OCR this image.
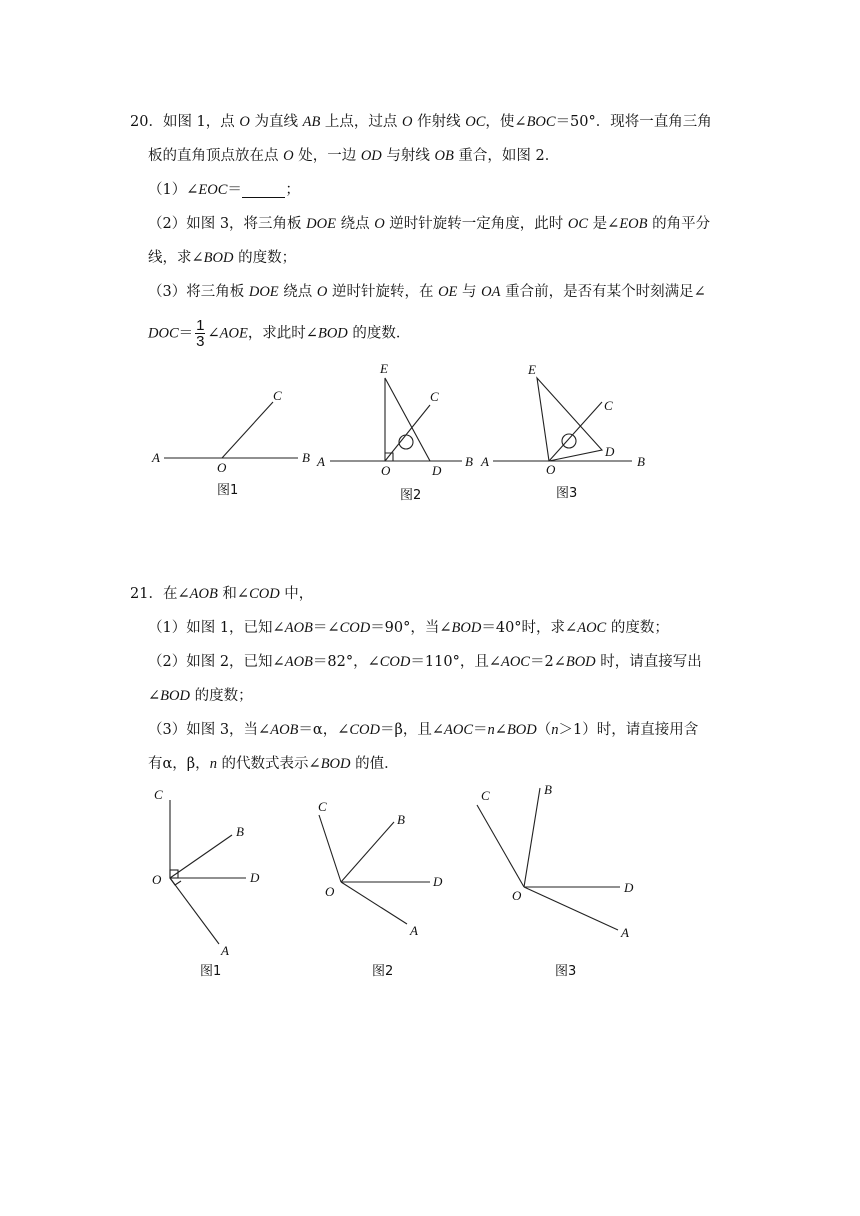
20．如图 1，点 O 为直线 AB 上点，过点 O 作射线 OC，使∠BOC＝50°．现将一直角三角
板的直角顶点放在点 O 处，一边 OD 与射线 OB 重合，如图 2．
（1）∠EOC＝	；
（2）如图 3，将三角板 DOE 绕点 O 逆时针旋转一定角度，此时 OC 是∠EOB 的角平分
线，求∠BOD 的度数；
（3）将三角板 DOE 绕点 O 逆时针旋转，在 OE 与 OA 重合前，是否有某个时刻满足∠
$DOC= \frac{1}{3}$ ∠AOE，求此时∠BOD 的度数．
A
O
B
C
图1
A
O	D
B
C
E
图2
A
O
B
C
D
E
图3
21．在∠AOB 和∠COD 中，
（1）如图 1，已知∠AOB＝∠COD＝90°，当∠BOD＝40°时，求∠AOC 的度数；
（2）如图 2，已知∠AOB＝82°，∠COD＝110°，且∠AOC＝2∠BOD 时，请直接写出
∠BOD 的度数；
（3）如图 3，当∠AOB＝α，∠COD＝β，且∠AOC＝n∠BOD（n＞1）时，请直接用含
有α，β，n 的代数式表示∠BOD 的值．
C
B
O	D
A
图1
C
B
O
D
A
图2
C	B
O
D
A
图3
